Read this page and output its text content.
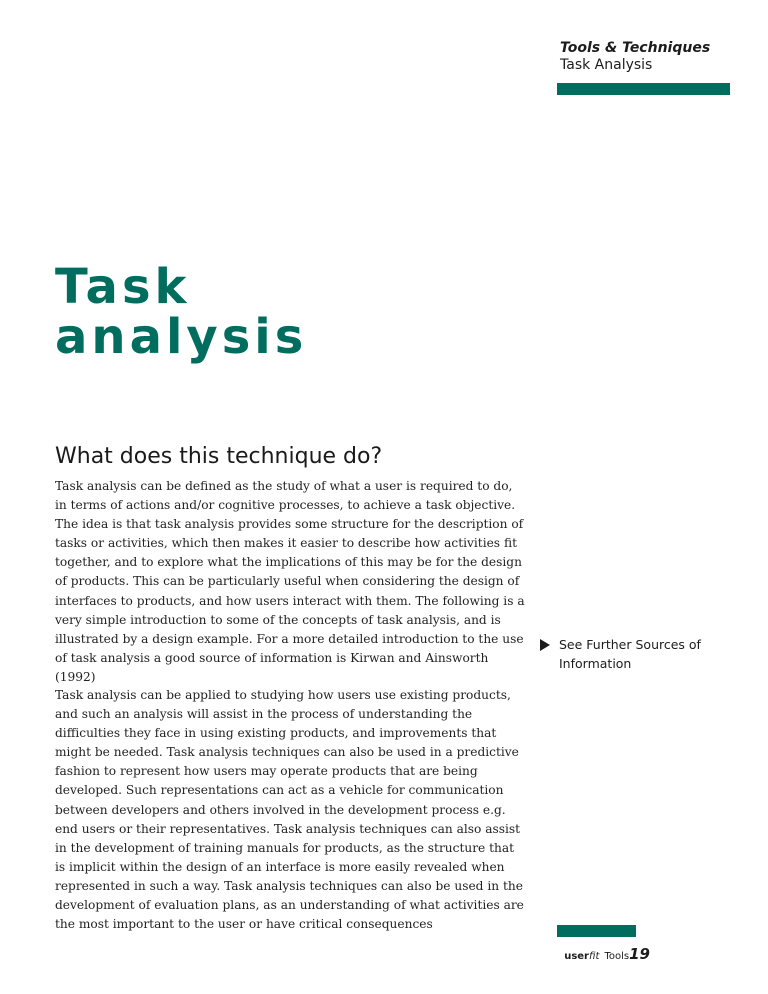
Tools & Techniques
Task Analysis
Task
analysis
What does this technique do?

Task analysis can be defined as the study of what a user is required to do, in terms of actions and/or cognitive processes, to achieve a task objective. The idea is that task analysis provides some structure for the description of tasks or activities, which then makes it easier to describe how activities fit together, and to explore what the implications of this may be for the design of products. This can be particularly useful when considering the design of interfaces to products, and how users interact with them. The following is a very simple introduction to some of the concepts of task analysis, and is illustrated by a design example. For a more detailed introduction to the use of task analysis a good source of information is Kirwan and Ainsworth (1992)

See Further Sources of Information

Task analysis can be applied to studying how users use existing products, and such an analysis will assist in the process of understanding the difficulties they face in using existing products, and improvements that might be needed. Task analysis techniques can also be used in a predictive fashion to represent how users may operate products that are being developed. Such representations can act as a vehicle for communication between developers and others involved in the development process e.g. end users or their representatives. Task analysis techniques can also assist in the development of training manuals for products, as the structure that is implicit within the design of an interface is more easily revealed when represented in such a way. Task analysis techniques can also be used in the development of evaluation plans, as an understanding of what activities are the most important to the user or have critical consequences

userfit Tools19
